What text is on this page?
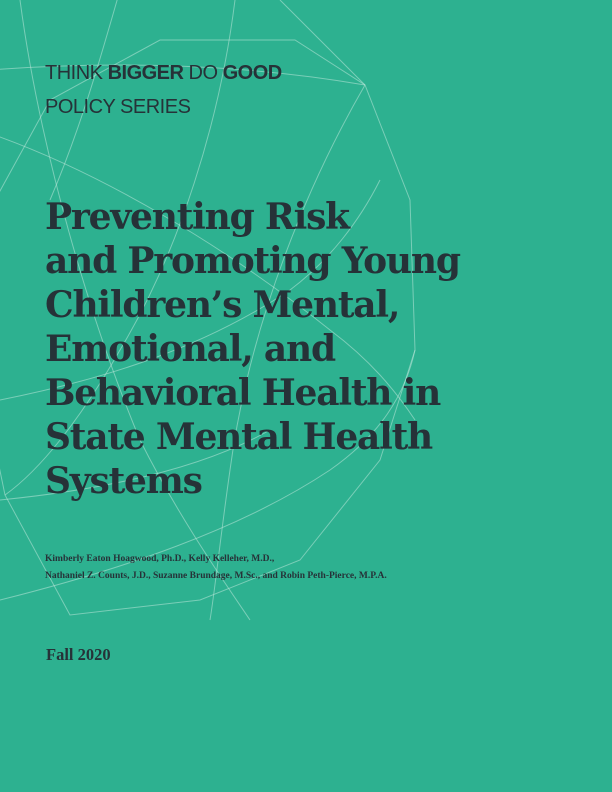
THINK BIGGER DO GOOD
POLICY SERIES
Preventing Risk
and Promoting Young
Children’s Mental,
Emotional, and
Behavioral Health in
State Mental Health
Systems
Kimberly Eaton Hoagwood, Ph.D., Kelly Kelleher, M.D.,
Nathaniel Z. Counts, J.D., Suzanne Brundage, M.Sc., and Robin Peth-Pierce, M.P.A.
Fall 2020
